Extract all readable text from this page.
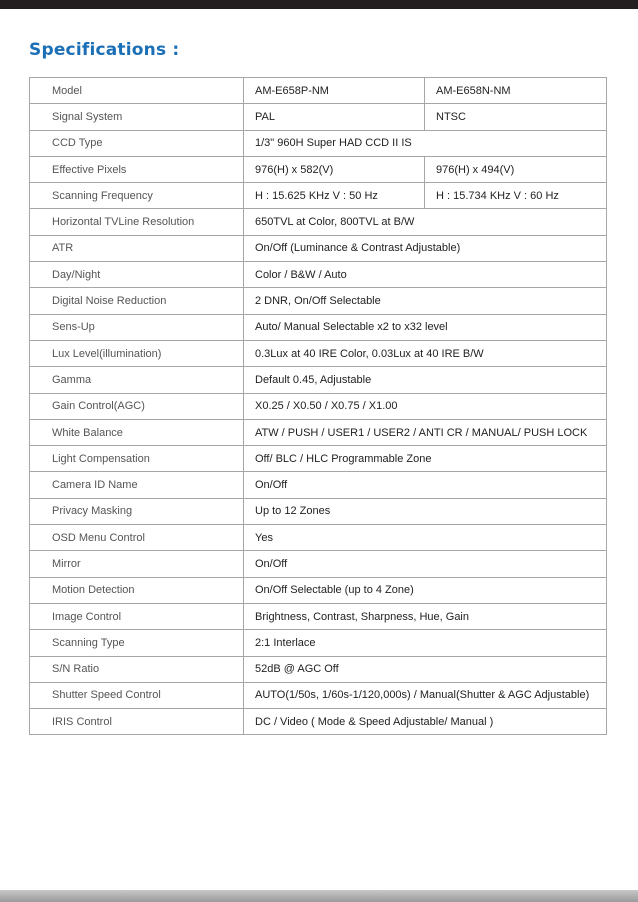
Specifications :
Model	AM-E658P-NM	AM-E658N-NM
Signal System	PAL	NTSC
CCD Type	1/3" 960H Super HAD CCD II IS	
Effective Pixels	976(H) x 582(V)	976(H) x 494(V)
Scanning Frequency	H : 15.625 KHz V : 50 Hz	H : 15.734 KHz V : 60 Hz
Horizontal TVLine Resolution	650TVL at Color, 800TVL at B/W	
ATR	On/Off (Luminance & Contrast Adjustable)	
Day/Night	Color / B&W / Auto	
Digital Noise Reduction	2 DNR, On/Off Selectable	
Sens-Up	Auto/ Manual Selectable x2 to x32 level	
Lux Level(illumination)	0.3Lux at 40 IRE Color, 0.03Lux at 40 IRE B/W	
Gamma	Default 0.45, Adjustable	
Gain Control(AGC)	X0.25 / X0.50 / X0.75 / X1.00	
White Balance	ATW / PUSH / USER1 / USER2 / ANTI CR / MANUAL/ PUSH LOCK	
Light Compensation	Off/ BLC / HLC Programmable Zone	
Camera ID Name	On/Off	
Privacy Masking	Up to 12 Zones	
OSD Menu Control	Yes	
Mirror	On/Off	
Motion Detection	On/Off Selectable (up to 4 Zone)	
Image Control	Brightness, Contrast, Sharpness, Hue, Gain	
Scanning Type	2:1 Interlace	
S/N Ratio	52dB @ AGC Off	
Shutter Speed Control	AUTO(1/50s, 1/60s-1/120,000s) / Manual(Shutter & AGC Adjustable)	
IRIS Control	DC / Video ( Mode & Speed Adjustable/ Manual )	
